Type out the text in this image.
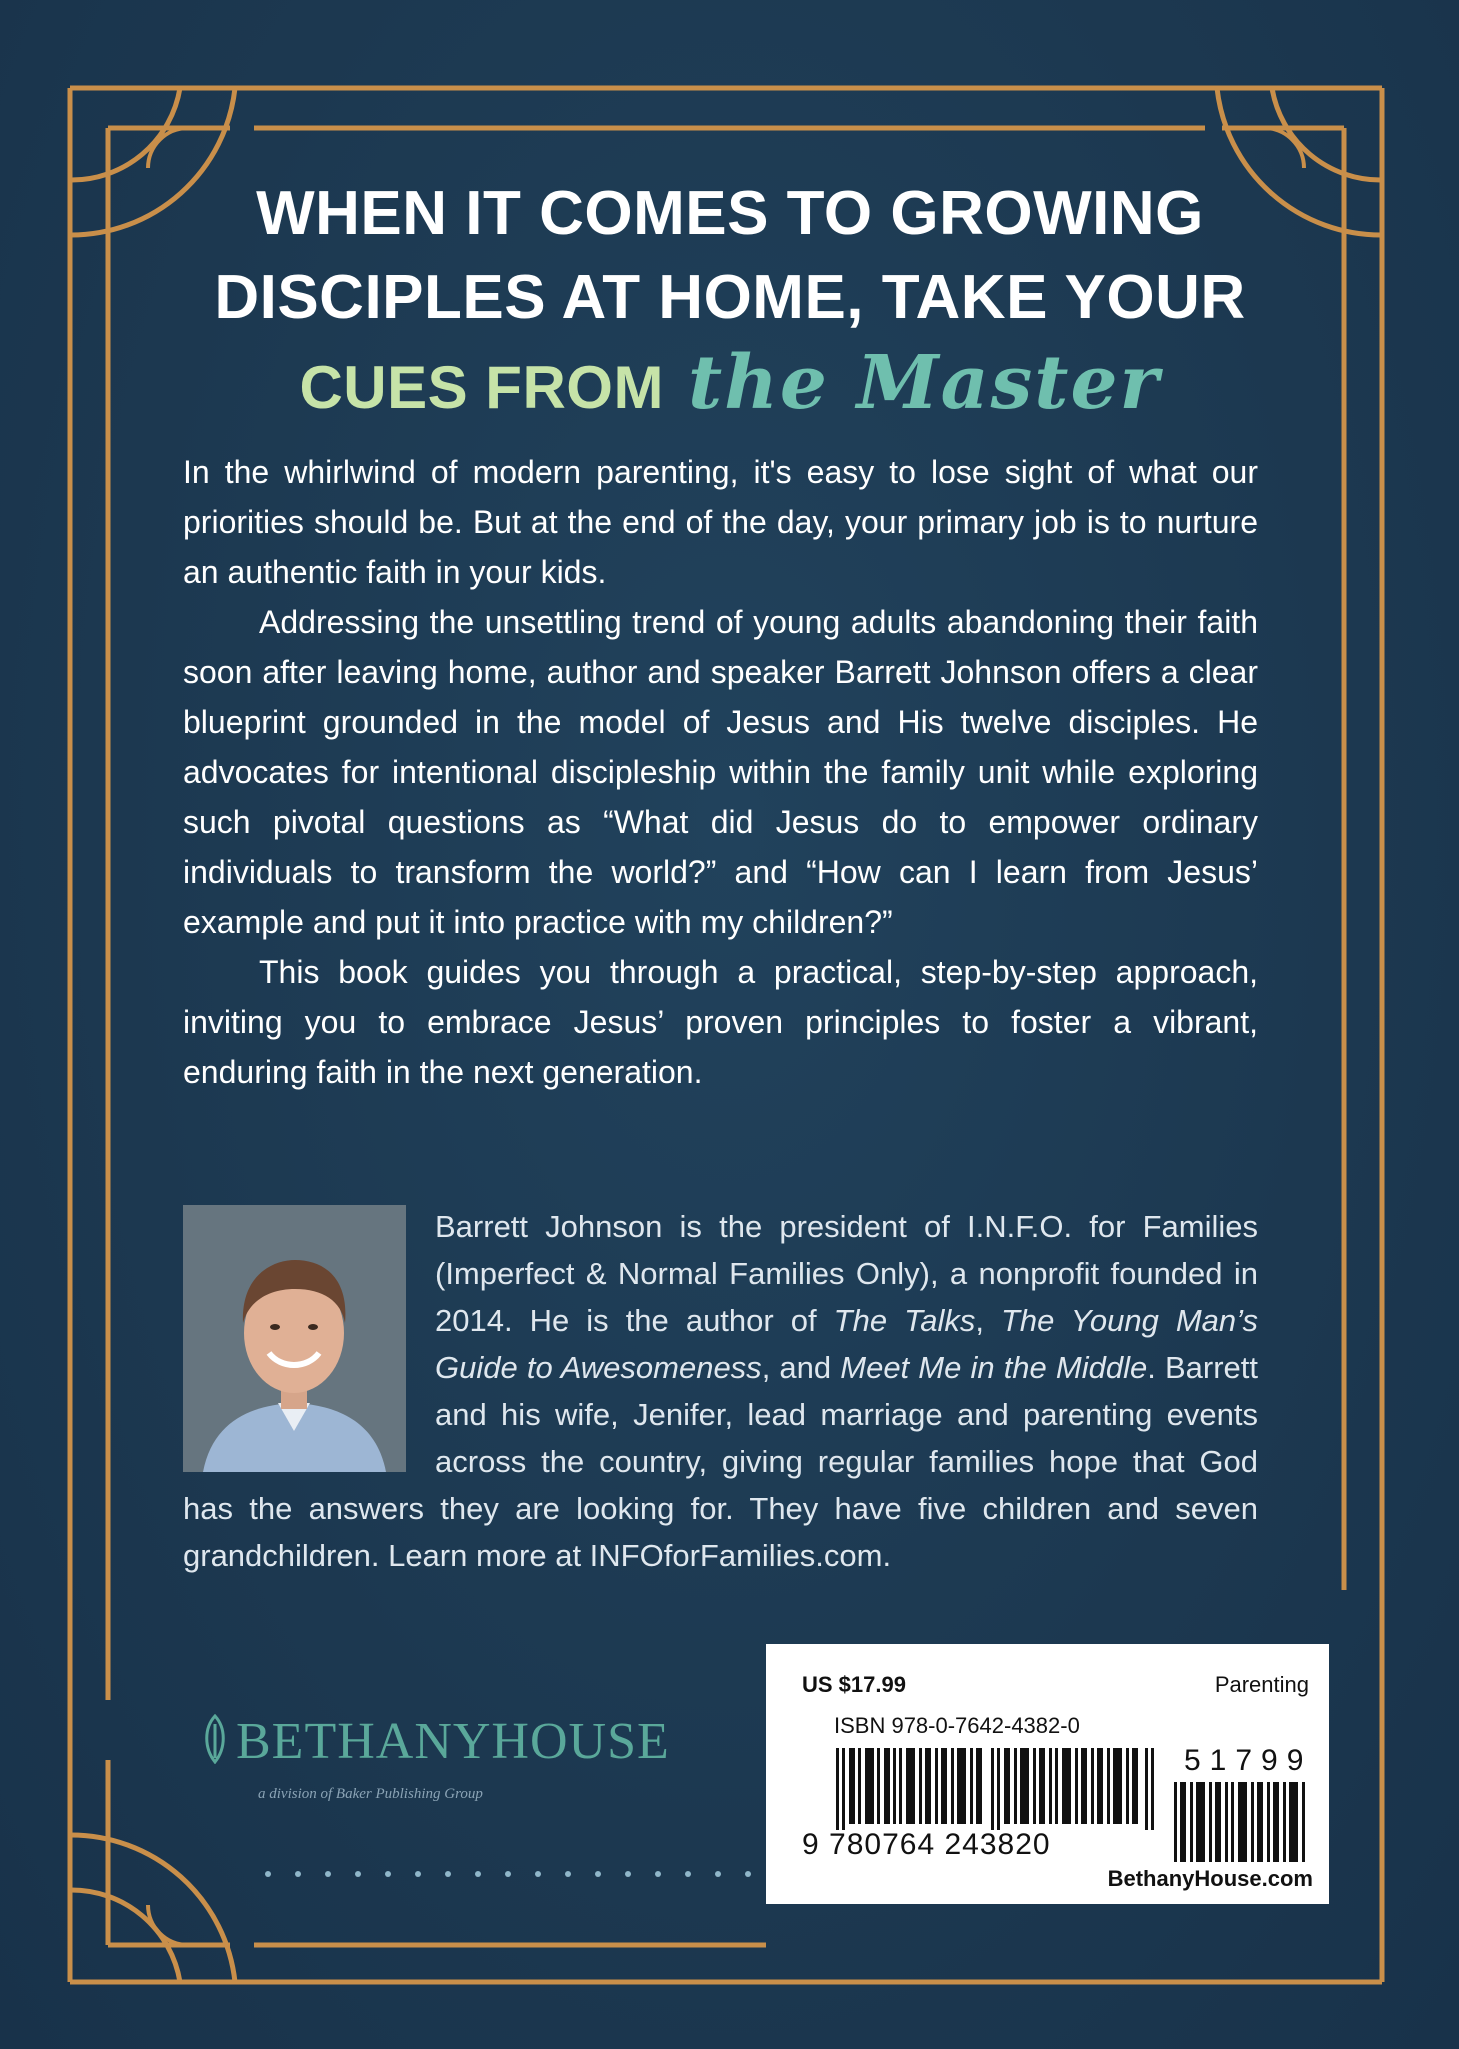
WHEN IT COMES TO GROWING
DISCIPLES AT HOME, TAKE YOUR
CUES FROM the Master

In the whirlwind of modern parenting, it's easy to lose sight of what our priorities should be. But at the end of the day, your primary job is to nurture an authentic faith in your kids.

Addressing the unsettling trend of young adults abandoning their faith soon after leaving home, author and speaker Barrett Johnson offers a clear blueprint grounded in the model of Jesus and His twelve disciples. He advocates for intentional discipleship within the family unit while exploring such pivotal questions as “What did Jesus do to empower ordinary individuals to transform the world?” and “How can I learn from Jesus’ example and put it into practice with my children?”

This book guides you through a practical, step-by-step approach, inviting you to embrace Jesus’ proven principles to foster a vibrant, enduring faith in the next generation.

Barrett Johnson is the president of I.N.F.O. for Families (Imperfect & Normal Families Only), a nonprofit founded in 2014. He is the author of The Talks, The Young Man’s Guide to Awesomeness, and Meet Me in the Middle. Barrett and his wife, Jenifer, lead marriage and parenting events across the country, giving regular families hope that God has the answers they are looking for. They have five children and seven grandchildren. Learn more at INFOforFamilies.com.
BETHANYHOUSE
a division of Baker Publishing Group
US $17.99	Parenting
ISBN 978-0-7642-4382-0
9 780764 243820
51799
BethanyHouse.com
